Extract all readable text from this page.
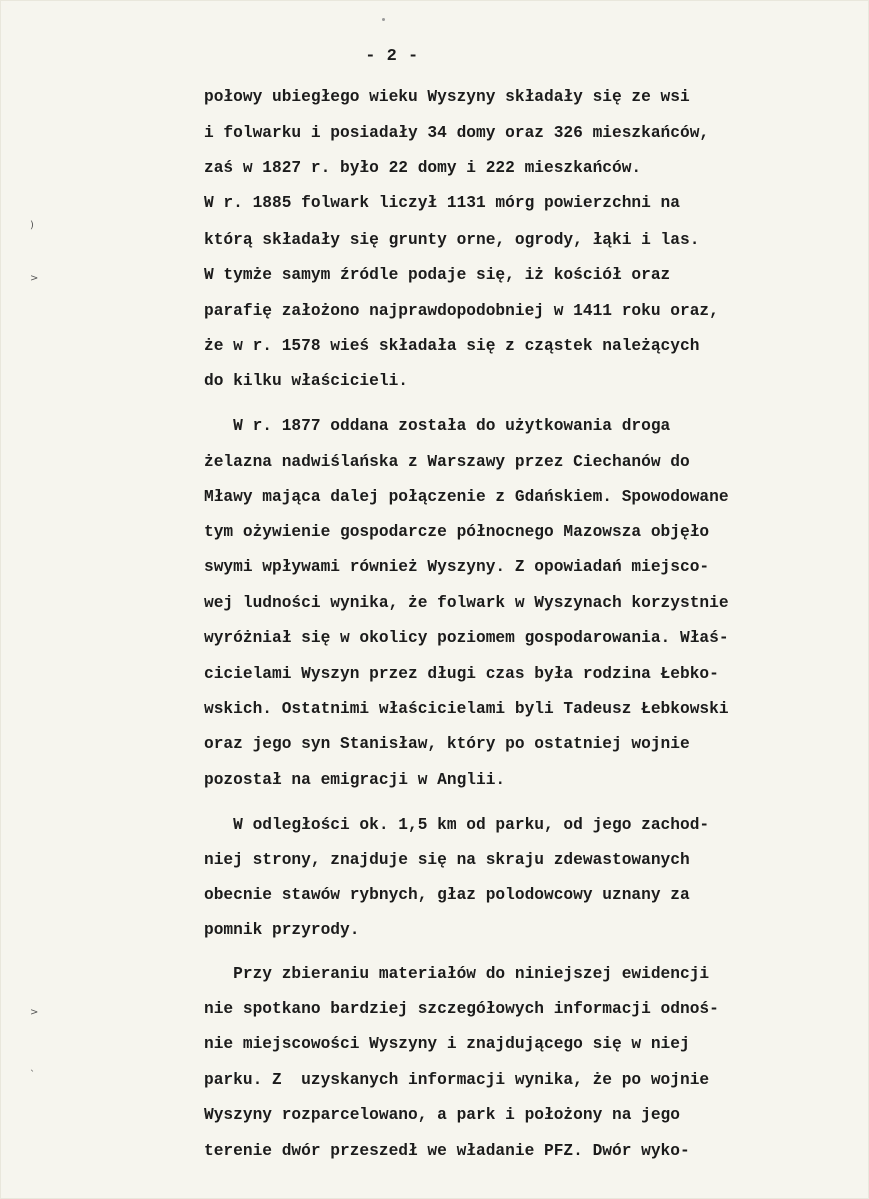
- 2 -
połowy ubiegłego wieku Wyszyny składały się ze wsi
i folwarku i posiadały 34 domy oraz 326 mieszkańców,
zaś w 1827 r. było 22 domy i 222 mieszkańców.
W r. 1885 folwark liczył 1131 mórg powierzchni na
którą składały się grunty orne, ogrody, łąki i las.
W tymże samym źródle podaje się, iż kościół oraz
parafię założono najprawdopodobniej w 1411 roku oraz,
że w r. 1578 wieś składała się z cząstek należących
do kilku właścicieli.
W r. 1877 oddana została do użytkowania droga
żelazna nadwiślańska z Warszawy przez Ciechanów do
Mławy mająca dalej połączenie z Gdańskiem. Spowodowane
tym ożywienie gospodarcze północnego Mazowsza objęło
swymi wpływami również Wyszyny. Z opowiadań miejsco-
wej ludności wynika, że folwark w Wyszynach korzystnie
wyróżniał się w okolicy poziomem gospodarowania. Właś-
cicielami Wyszyn przez długi czas była rodzina Łebko-
wskich. Ostatnimi właścicielami byli Tadeusz Łebkowski
oraz jego syn Stanisław, który po ostatniej wojnie
pozostał na emigracji w Anglii.
W odległości ok. 1,5 km od parku, od jego zachod-
niej strony, znajduje się na skraju zdewastowanych
obecnie stawów rybnych, głaz polodowcowy uznany za
pomnik przyrody.
Przy zbieraniu materiałów do niniejszej ewidencji
nie spotkano bardziej szczegółowych informacji odnoś-
nie miejscowości Wyszyny i znajdującego się w niej
parku. Z  uzyskanych informacji wynika, że po wojnie
Wyszyny rozparcelowano, a park i położony na jego
terenie dwór przeszedł we władanie PFZ. Dwór wyko-
)
>
>
ˎ
